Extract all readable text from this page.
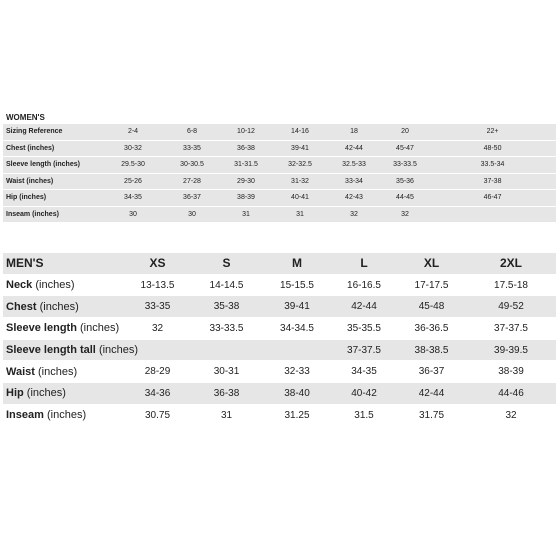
WOMEN'S							
Sizing Reference	2-4	6-8	10-12	14-16	18	20	22+
Chest (inches)	30-32	33-35	36-38	39-41	42-44	45-47	48-50
Sleeve length (inches)	29.5-30	30-30.5	31-31.5	32-32.5	32.5-33	33-33.5	33.5-34
Waist (inches)	25-26	27-28	29-30	31-32	33-34	35-36	37-38
Hip (inches)	34-35	36-37	38-39	40-41	42-43	44-45	46-47
Inseam (inches)	30	30	31	31	32	32	
MEN'S	XS	S	M	L	XL	2XL
Neck (inches)	13-13.5	14-14.5	15-15.5	16-16.5	17-17.5	17.5-18
Chest (inches)	33-35	35-38	39-41	42-44	45-48	49-52
Sleeve length (inches)	32	33-33.5	34-34.5	35-35.5	36-36.5	37-37.5
Sleeve length tall (inches)				37-37.5	38-38.5	39-39.5
Waist (inches)	28-29	30-31	32-33	34-35	36-37	38-39
Hip (inches)	34-36	36-38	38-40	40-42	42-44	44-46
Inseam (inches)	30.75	31	31.25	31.5	31.75	32
